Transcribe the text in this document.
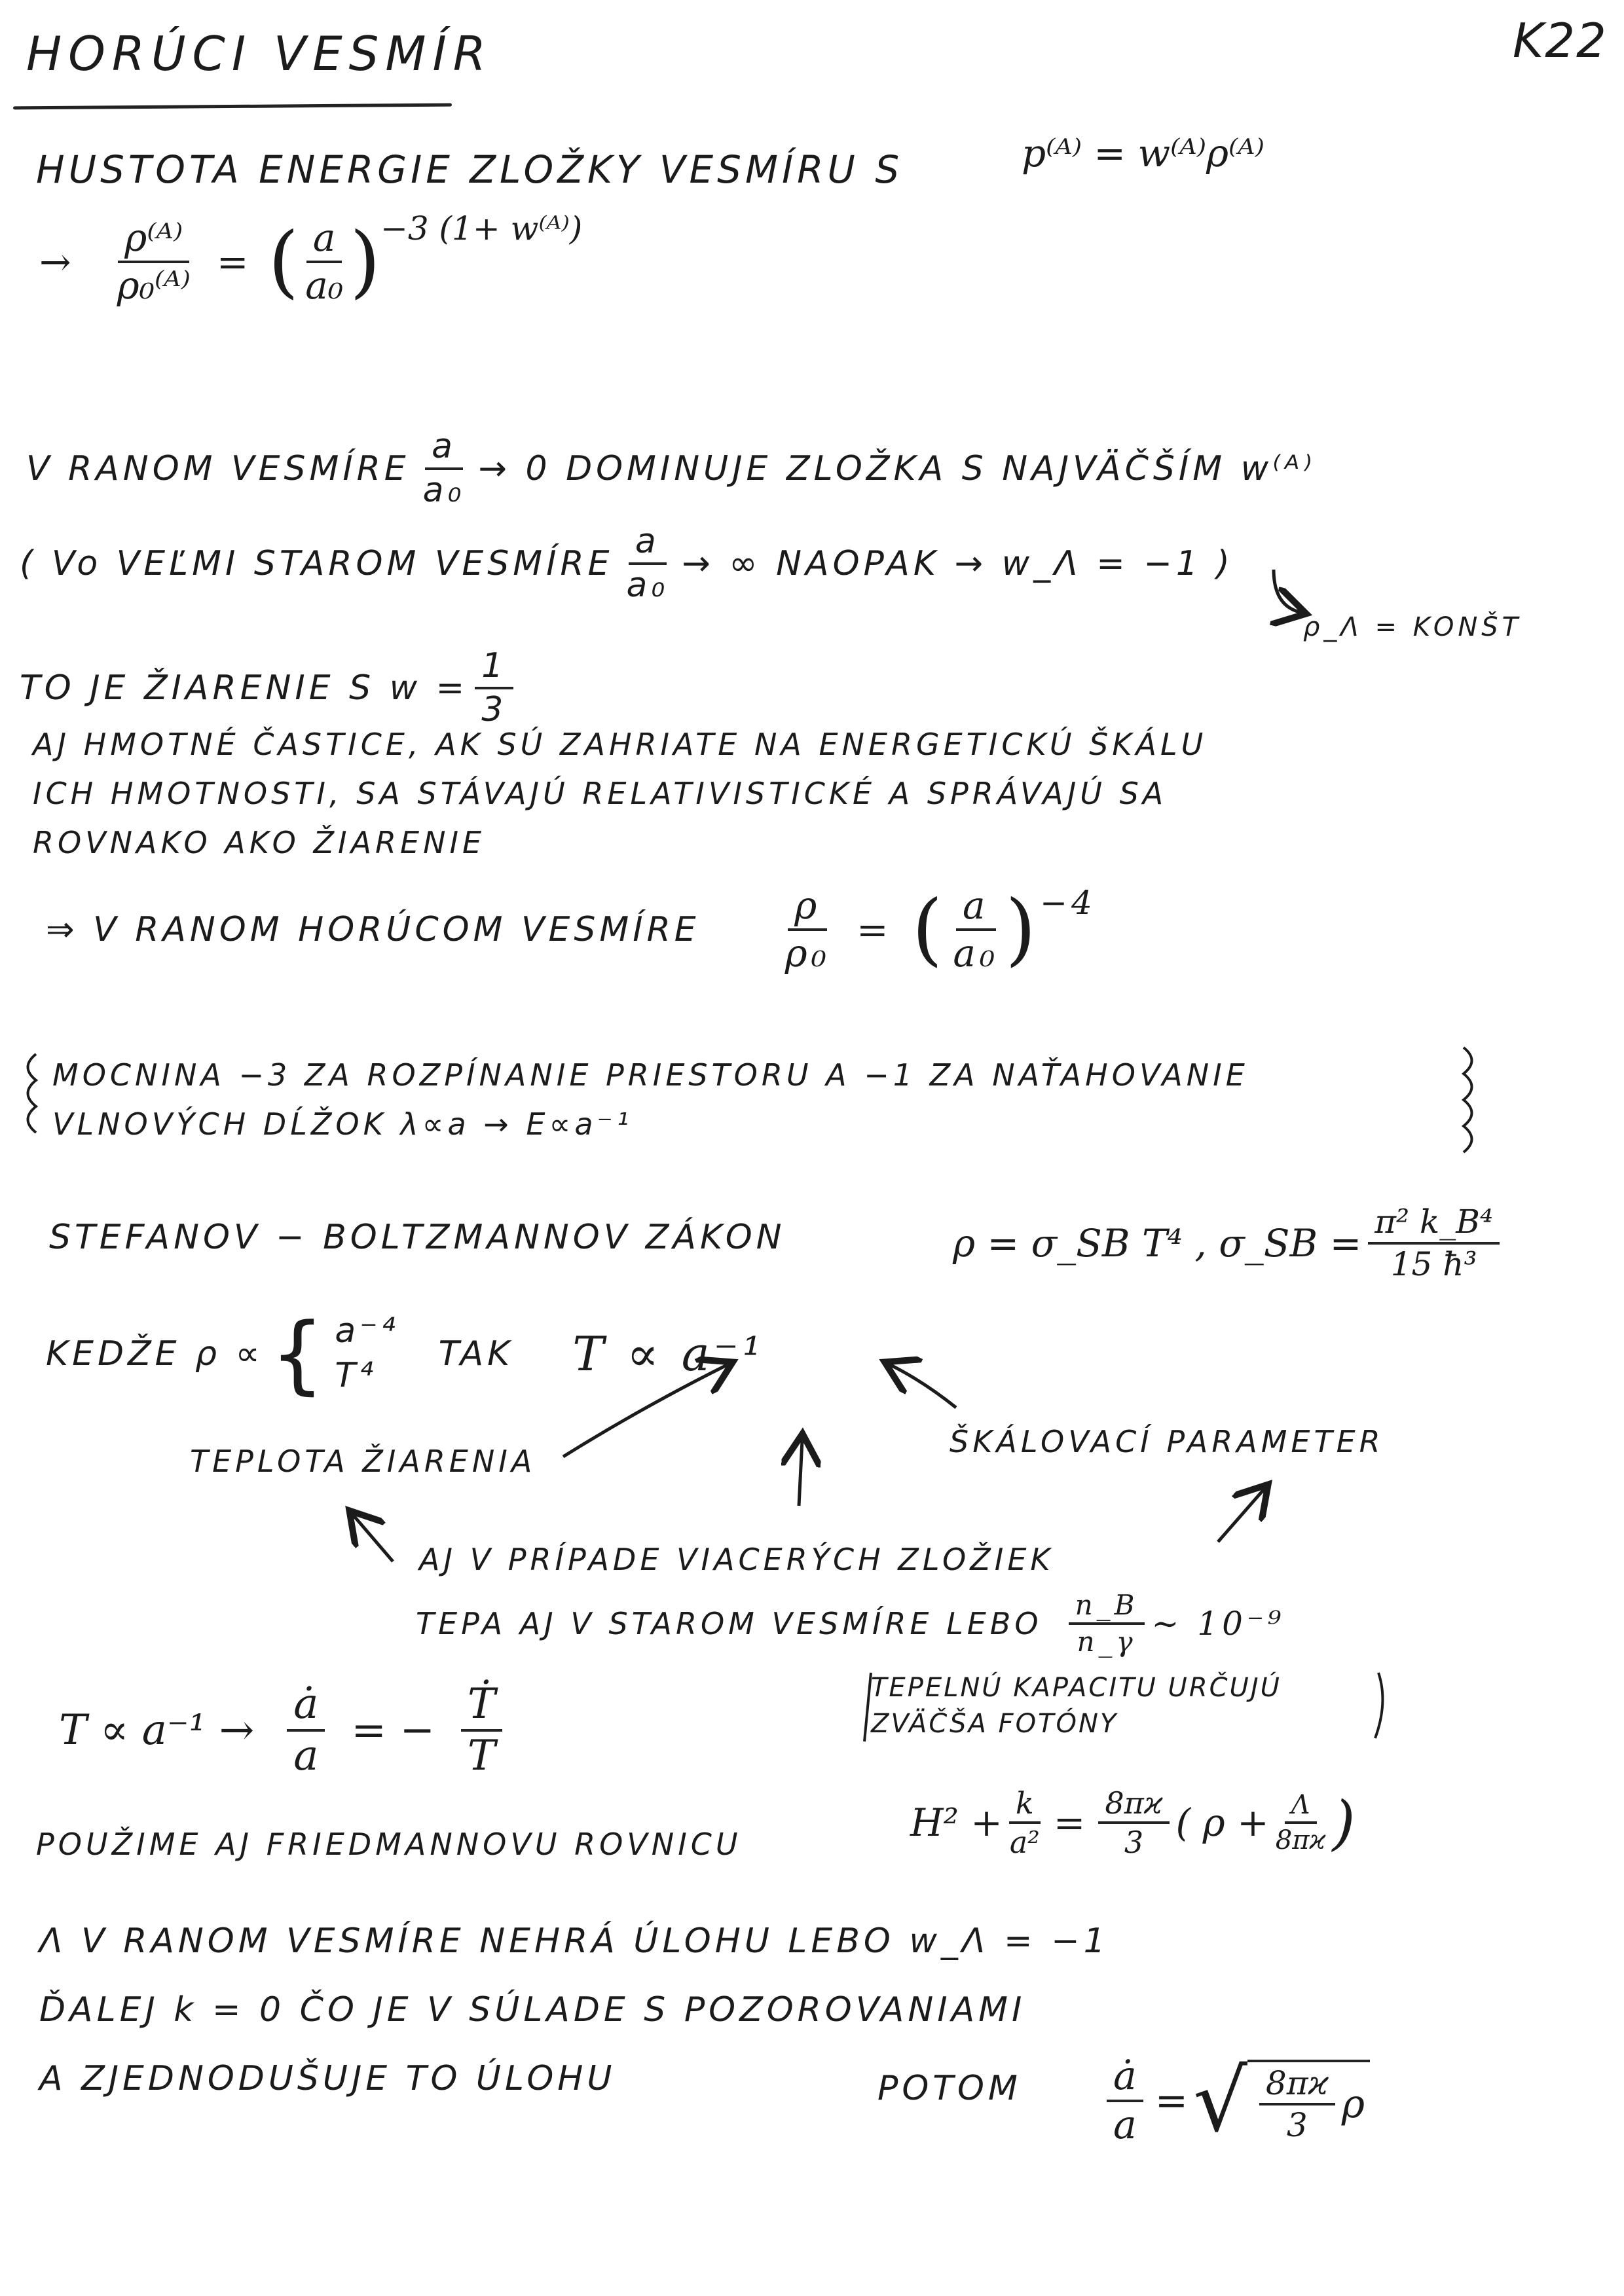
HORÚCI VESMÍR	K22
HUSTOTA ENERGIE ZLOŽKY VESMÍRU S	p⁽ᴬ⁾ = w⁽ᴬ⁾ρ⁽ᴬ⁾
→ $\frac{\text{ρ⁽ᴬ⁾}}{\text{ρ₀⁽ᴬ⁾}}$ = ( $\frac{a}{\text{a₀}}$ ) −3 (1+ w⁽ᴬ⁾)
V RANOM VESMÍRE $\frac{a}{\text{a₀}} \to 0$ DOMINUJE ZLOŽKA S NAJVÄČŠÍM w⁽ᴬ⁾
( Vo VEĽMI STAROM VESMÍRE $\frac{a}{\text{a₀}}$ → ∞ NAOPAK → w_Λ = −1 )
ρ_Λ = KONŠT
TO JE ŽIARENIE S $w = \frac{1}{3}$
AJ HMOTNÉ ČASTICE, AK SÚ ZAHRIATE NA ENERGETICKÚ ŠKÁLU
ICH HMOTNOSTI, SA STÁVAJÚ RELATIVISTICKÉ A SPRÁVAJÚ SA
ROVNAKO AKO ŽIARENIE
⇒ V RANOM HORÚCOM VESMÍRE $\frac{\rho}{\text{ρ₀}}$ = ( $\frac{a}{\text{a₀}}$ ) −4
MOCNINA −3 ZA ROZPÍNANIE PRIESTORU A −1 ZA NAŤAHOVANIE
VLNOVÝCH DĹŽOK λ∝a → E∝a⁻¹
STEFANOV − BOLTZMANNOV ZÁKON	ρ = σ_SB T⁴ , σ_SB = $\frac{\text{π² k\_B⁴}}{\text{15 ħ³}}$
KEDŽE ρ ∝ { a⁻⁴
T⁴
TAK T ∝ a⁻¹
TEPLOTA ŽIARENIA
ŠKÁLOVACÍ PARAMETER
AJ V PRÍPADE VIACERÝCH ZLOŽIEK
TEPA AJ V STAROM VESMÍRE LEBO $\frac{n\_B}{n\_\gamma}$ ∼ 10⁻⁹
$T \propto a^{-1} \to \frac{ȧ}{a}$ = − $\frac{\text{Ṫ}}{T}$	TEPELNÚ KAPACITU URČUJÚ
ZVÄČŠA FOTÓNY
POUŽIME AJ FRIEDMANNOVU ROVNICU	$H^2 + \frac{k}{\text{a²}} = \frac{8\pi ϰ}{3}$ ( $\rho + \frac{\Lambda}{8\pi ϰ}$ )
Λ V RANOM VESMÍRE NEHRÁ ÚLOHU LEBO w_Λ = −1
ĎALEJ k = 0 ČO JE V SÚLADE S POZOROVANIAMI
A ZJEDNODUŠUJE TO ÚLOHU	POTOM $\frac{ȧ}{a}$ = √ $\frac{8\pi ϰ}{3}$ ρ
